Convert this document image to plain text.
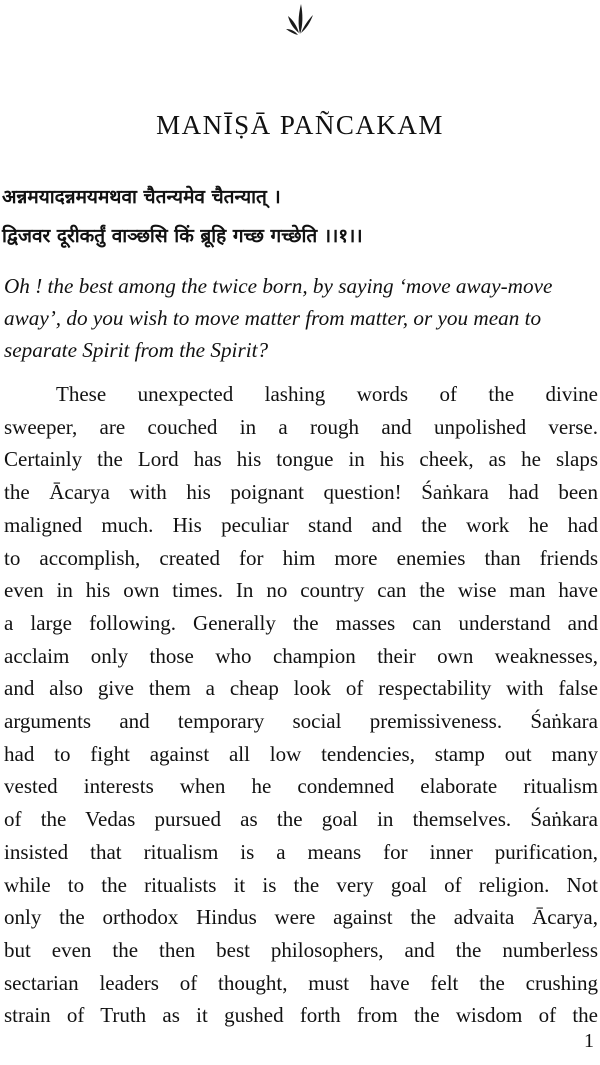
MANĪṢĀ PAÑCAKAM
अन्नमयादन्नमयमथवा चैतन्यमेव चैतन्यात् ।
द्विजवर दूरीकर्तुं वाञ्छसि किं ब्रूहि गच्छ गच्छेति ।।१।।
Oh ! the best among the twice born, by saying ‘move away-move away’, do you wish to move matter from matter, or you mean to separate Spirit from the Spirit?
These unexpected lashing words of the divine
sweeper, are couched in a rough and unpolished verse.
Certainly the Lord has his tongue in his cheek, as he slaps
the Ācarya with his poignant question! Śaṅkara had been
maligned much. His peculiar stand and the work he had
to accomplish, created for him more enemies than friends
even in his own times. In no country can the wise man have
a large following. Generally the masses can understand and
acclaim only those who champion their own weaknesses,
and also give them a cheap look of respectability with false
arguments and temporary social premissiveness. Śaṅkara
had to fight against all low tendencies, stamp out many
vested interests when he condemned elaborate ritualism
of the Vedas pursued as the goal in themselves. Śaṅkara
insisted that ritualism is a means for inner purification,
while to the ritualists it is the very goal of religion. Not
only the orthodox Hindus were against the advaita Ācarya,
but even the then best philosophers, and the numberless
sectarian leaders of thought, must have felt the crushing
strain of Truth as it gushed forth from the wisdom of the
1
